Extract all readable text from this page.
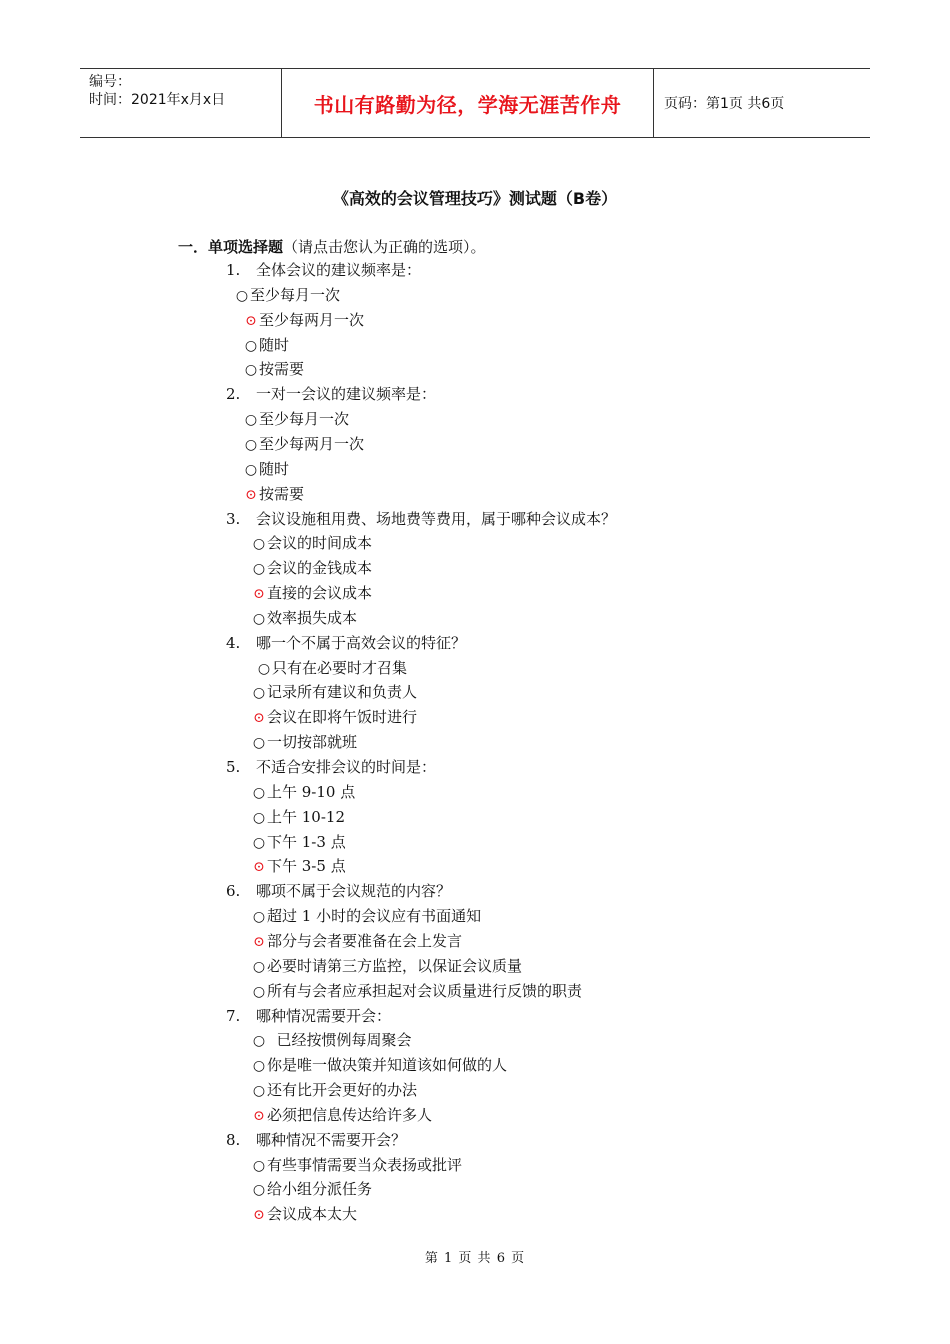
编号：
时间：2021年x月x日	书山有路勤为径，学海无涯苦作舟	页码：第1页 共6页
《高效的会议管理技巧》测试题（B卷）
一．单项选择题（请点击您认为正确的选项）。
1. 全体会议的建议频率是：
○ 至少每月一次
⊙ 至少每两月一次
○ 随时
○ 按需要
2. 一对一会议的建议频率是：
○ 至少每月一次
○ 至少每两月一次
○ 随时
⊙ 按需要
3. 会议设施租用费、场地费等费用，属于哪种会议成本？
○ 会议的时间成本
○ 会议的金钱成本
⊙ 直接的会议成本
○ 效率损失成本
4. 哪一个不属于高效会议的特征？
○ 只有在必要时才召集
○ 记录所有建议和负责人
⊙ 会议在即将午饭时进行
○ 一切按部就班
5. 不适合安排会议的时间是：
○ 上午 9-10 点
○ 上午 10-12
○ 下午 1-3 点
⊙ 下午 3-5 点
6. 哪项不属于会议规范的内容？
○ 超过 1 小时的会议应有书面通知
⊙ 部分与会者要准备在会上发言
○ 必要时请第三方监控，以保证会议质量
○ 所有与会者应承担起对会议质量进行反馈的职责
7. 哪种情况需要开会：
○  已经按惯例每周聚会
○ 你是唯一做决策并知道该如何做的人
○ 还有比开会更好的办法
⊙ 必须把信息传达给许多人
8. 哪种情况不需要开会？
○ 有些事情需要当众表扬或批评
○ 给小组分派任务
⊙ 会议成本太大
第 1 页 共 6 页
